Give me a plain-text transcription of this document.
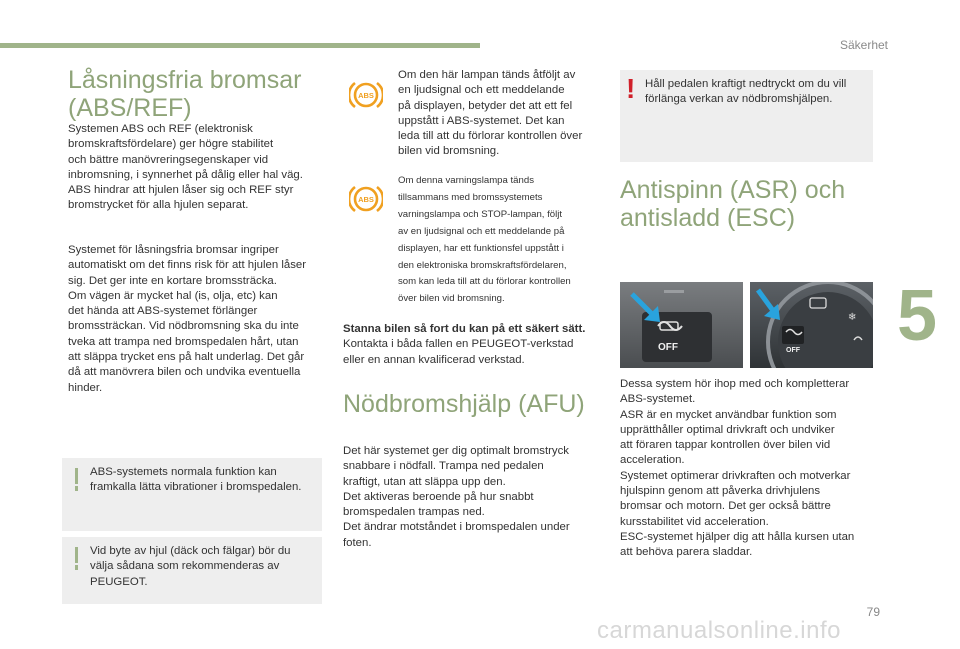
Säkerhet
5
Låsningsfria bromsar
(ABS/REF)
Systemen ABS och REF (elektronisk
bromskraftsfördelare) ger högre stabilitet
och bättre manövreringsegenskaper vid
inbromsning, i synnerhet på dålig eller hal väg.
ABS hindrar att hjulen låser sig och REF styr
bromstrycket för alla hjulen separat.
Systemet för låsningsfria bromsar ingriper
automatiskt om det finns risk för att hjulen låser
sig. Det ger inte en kortare bromssträcka.
Om vägen är mycket hal (is, olja, etc) kan
det hända att ABS-systemet förlänger
bromssträckan. Vid nödbromsning ska du inte
tveka att trampa ned bromspedalen hårt, utan
att släppa trycket ens på halt underlag. Det går
då att manövrera bilen och undvika eventuella
hinder.
ABS-systemets normala funktion kan
framkalla lätta vibrationer i bromspedalen.
Vid byte av hjul (däck och fälgar) bör du
välja sådana som rekommenderas av
PEUGEOT.
ABS
Om den här lampan tänds åtföljt av
en ljudsignal och ett meddelande
på displayen, betyder det att ett fel
uppstått i ABS-systemet. Det kan
leda till att du förlorar kontrollen över
bilen vid bromsning.
ABS
Om denna varningslampa tänds
tillsammans med bromssystemets
varningslampa och STOP-lampan, följt
av en ljudsignal och ett meddelande på
displayen, har ett funktionsfel uppstått i
den elektroniska bromskraftsfördelaren,
som kan leda till att du förlorar kontrollen
över bilen vid bromsning.
Stanna bilen så fort du kan på ett säkert sätt.
Kontakta i båda fallen en PEUGEOT-verkstad
eller en annan kvalificerad verkstad.
Nödbromshjälp (AFU)
Det här systemet ger dig optimalt bromstryck
snabbare i nödfall. Trampa ned pedalen
kraftigt, utan att släppa upp den.
Det aktiveras beroende på hur snabbt
bromspedalen trampas ned.
Det ändrar motståndet i bromspedalen under
foten.
! Håll pedalen kraftigt nedtryckt om du vill
förlänga verkan av nödbromshjälpen.
Antispinn (ASR) och
antisladd (ESC)
OFF	OFF
❄
Dessa system hör ihop med och kompletterar
ABS-systemet.
ASR är en mycket användbar funktion som
upprätthåller optimal drivkraft och undviker
att föraren tappar kontrollen över bilen vid
acceleration.
Systemet optimerar drivkraften och motverkar
hjulspinn genom att påverka drivhjulens
bromsar och motorn. Det ger också bättre
kursstabilitet vid acceleration.
ESC-systemet hjälper dig att hålla kursen utan
att behöva parera sladdar.
79
carmanualsonline.info
